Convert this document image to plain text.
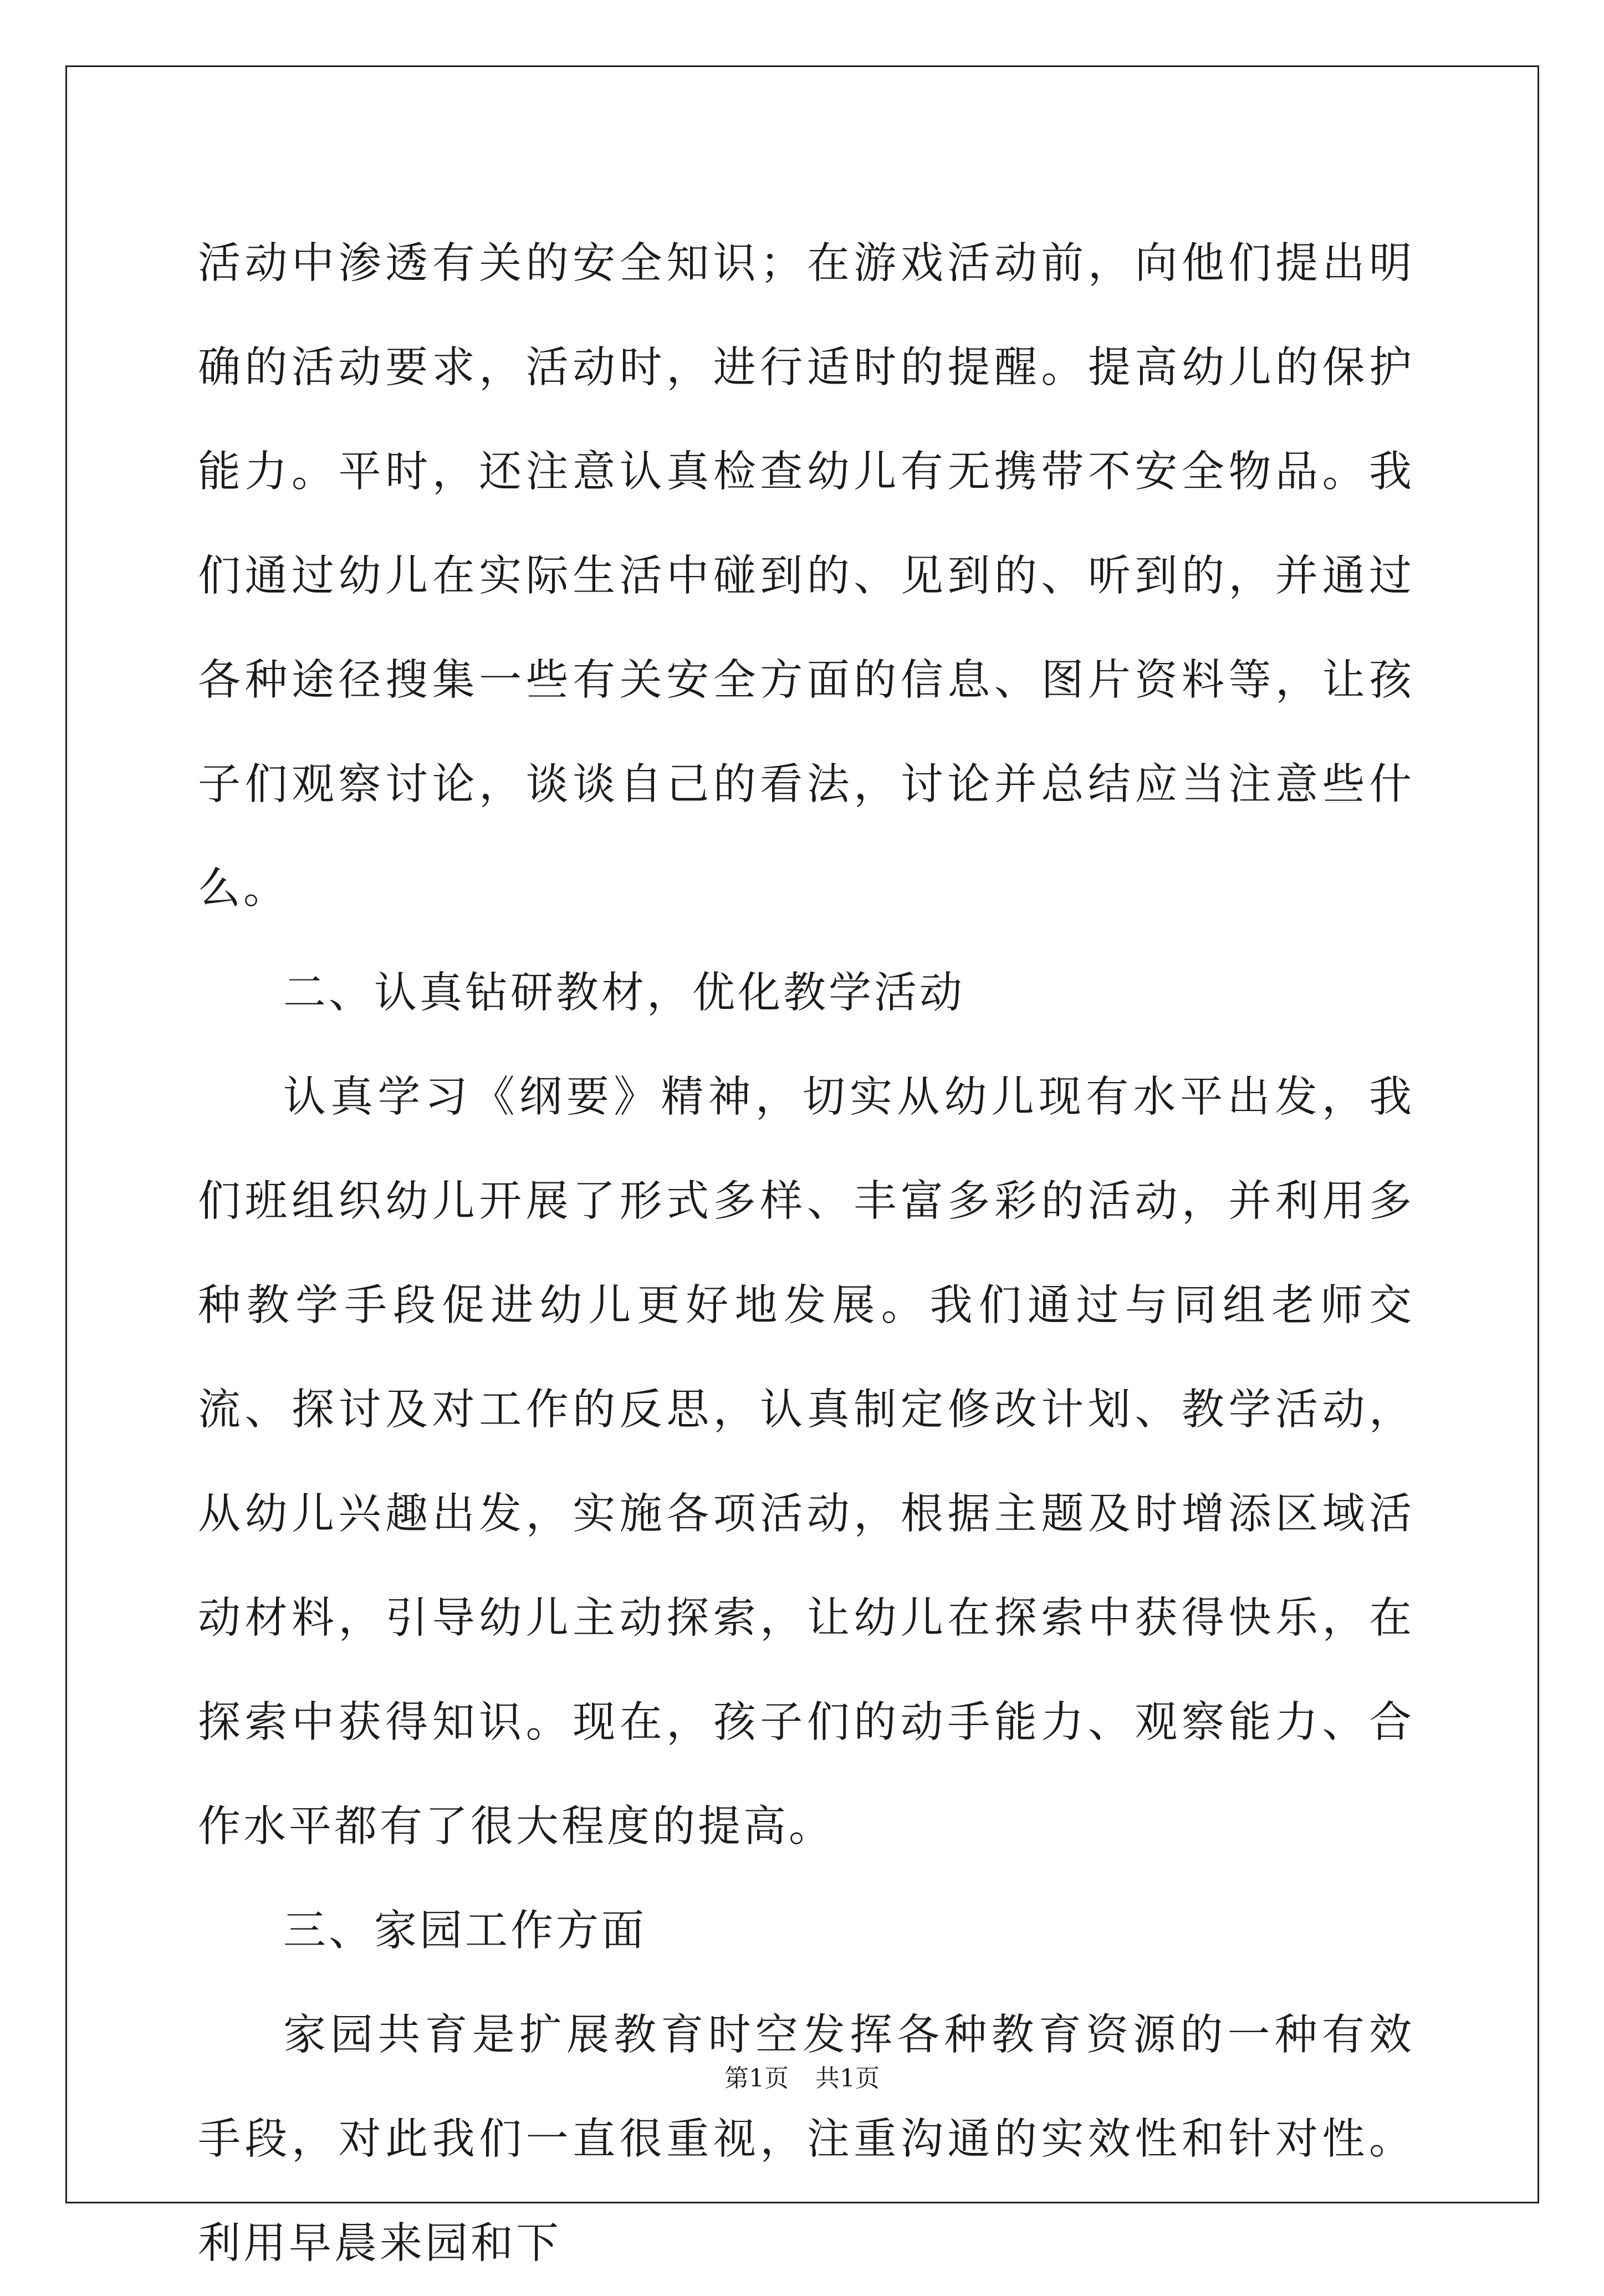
活动中渗透有关的安全知识；在游戏活动前，向他们提出明确的活动要求，活动时，进行适时的提醒。提高幼儿的保护能力。平时，还注意认真检查幼儿有无携带不安全物品。我们通过幼儿在实际生活中碰到的、见到的、听到的，并通过各种途径搜集一些有关安全方面的信息、图片资料等，让孩子们观察讨论，谈谈自己的看法，讨论并总结应当注意些什么。

二、认真钻研教材，优化教学活动

认真学习《纲要》精神，切实从幼儿现有水平出发，我们班组织幼儿开展了形式多样、丰富多彩的活动，并利用多种教学手段促进幼儿更好地发展。我们通过与同组老师交流、探讨及对工作的反思，认真制定修改计划、教学活动，从幼儿兴趣出发，实施各项活动，根据主题及时增添区域活动材料，引导幼儿主动探索，让幼儿在探索中获得快乐，在探索中获得知识。现在，孩子们的动手能力、观察能力、合作水平都有了很大程度的提高。

三、家园工作方面

家园共育是扩展教育时空发挥各种教育资源的一种有效手段，对此我们一直很重视，注重沟通的实效性和针对性。利用早晨来园和下

第1页 共1页
